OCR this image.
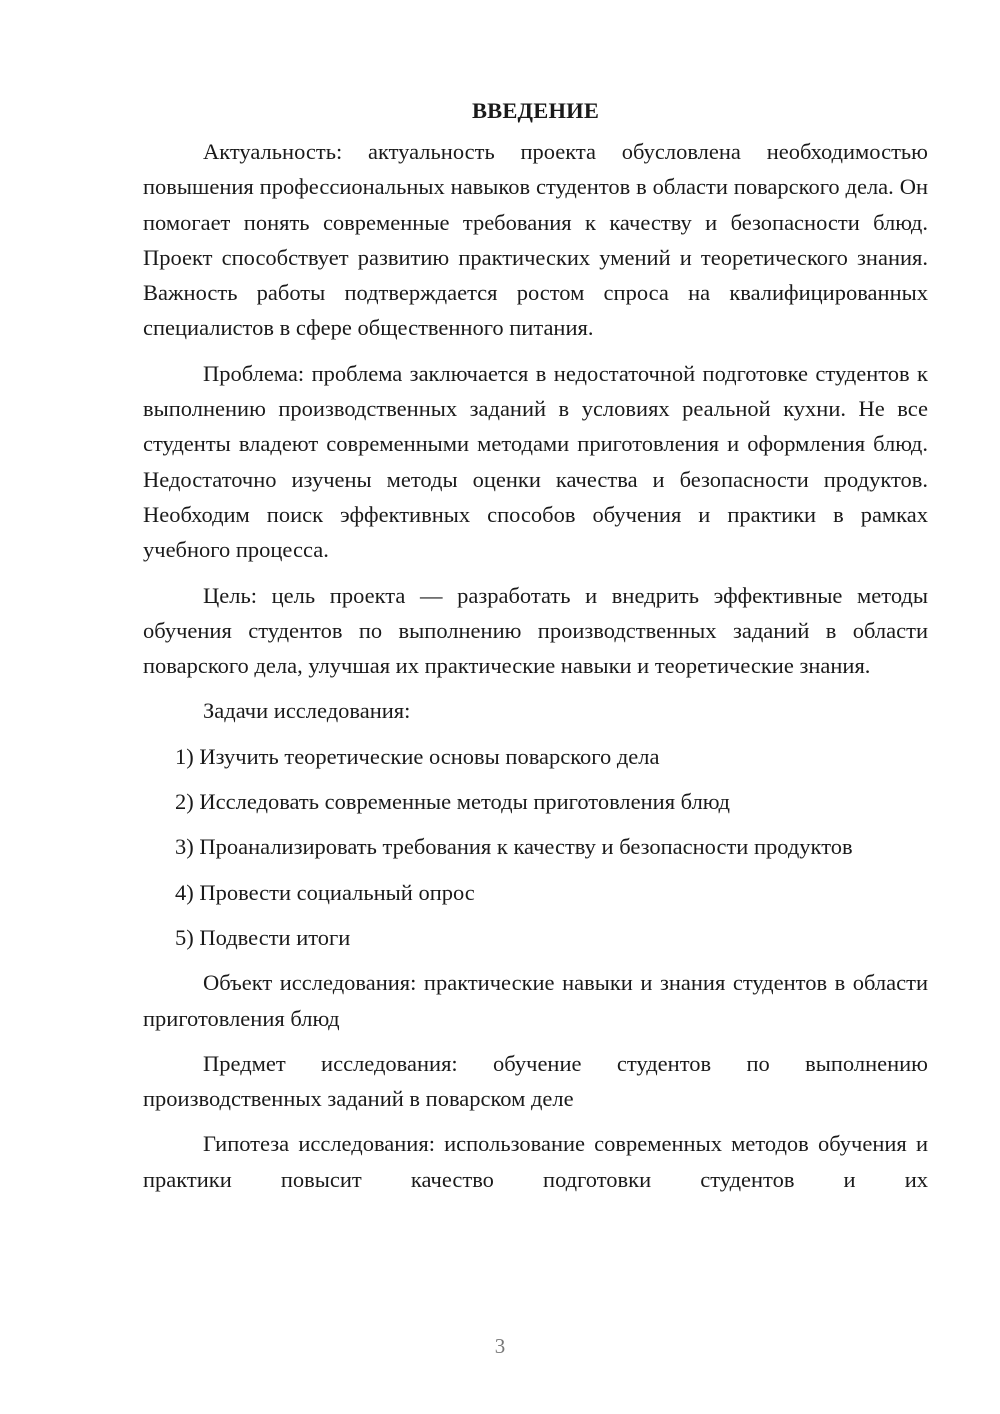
ВВЕДЕНИЕ

Актуальность: актуальность проекта обусловлена необходимостью повышения профессиональных навыков студентов в области поварского дела. Он помогает понять современные требования к качеству и безопасности блюд. Проект способствует развитию практических умений и теоретического знания. Важность работы подтверждается ростом спроса на квалифицированных специалистов в сфере общественного питания.

Проблема: проблема заключается в недостаточной подготовке студентов к выполнению производственных заданий в условиях реальной кухни. Не все студенты владеют современными методами приготовления и оформления блюд. Недостаточно изучены методы оценки качества и безопасности продуктов. Необходим поиск эффективных способов обучения и практики в рамках учебного процесса.

Цель: цель проекта — разработать и внедрить эффективные методы обучения студентов по выполнению производственных заданий в области поварского дела, улучшая их практические навыки и теоретические знания.

Задачи исследования:

1) Изучить теоретические основы поварского дела

2) Исследовать современные методы приготовления блюд

3) Проанализировать требования к качеству и безопасности продуктов

4) Провести социальный опрос

5) Подвести итоги

Объект исследования: практические навыки и знания студентов в области приготовления блюд

Предмет исследования: обучение студентов по выполнению производственных заданий в поварском деле

Гипотеза исследования: использование современных методов обучения и практики повысит качество подготовки студентов и их

3
